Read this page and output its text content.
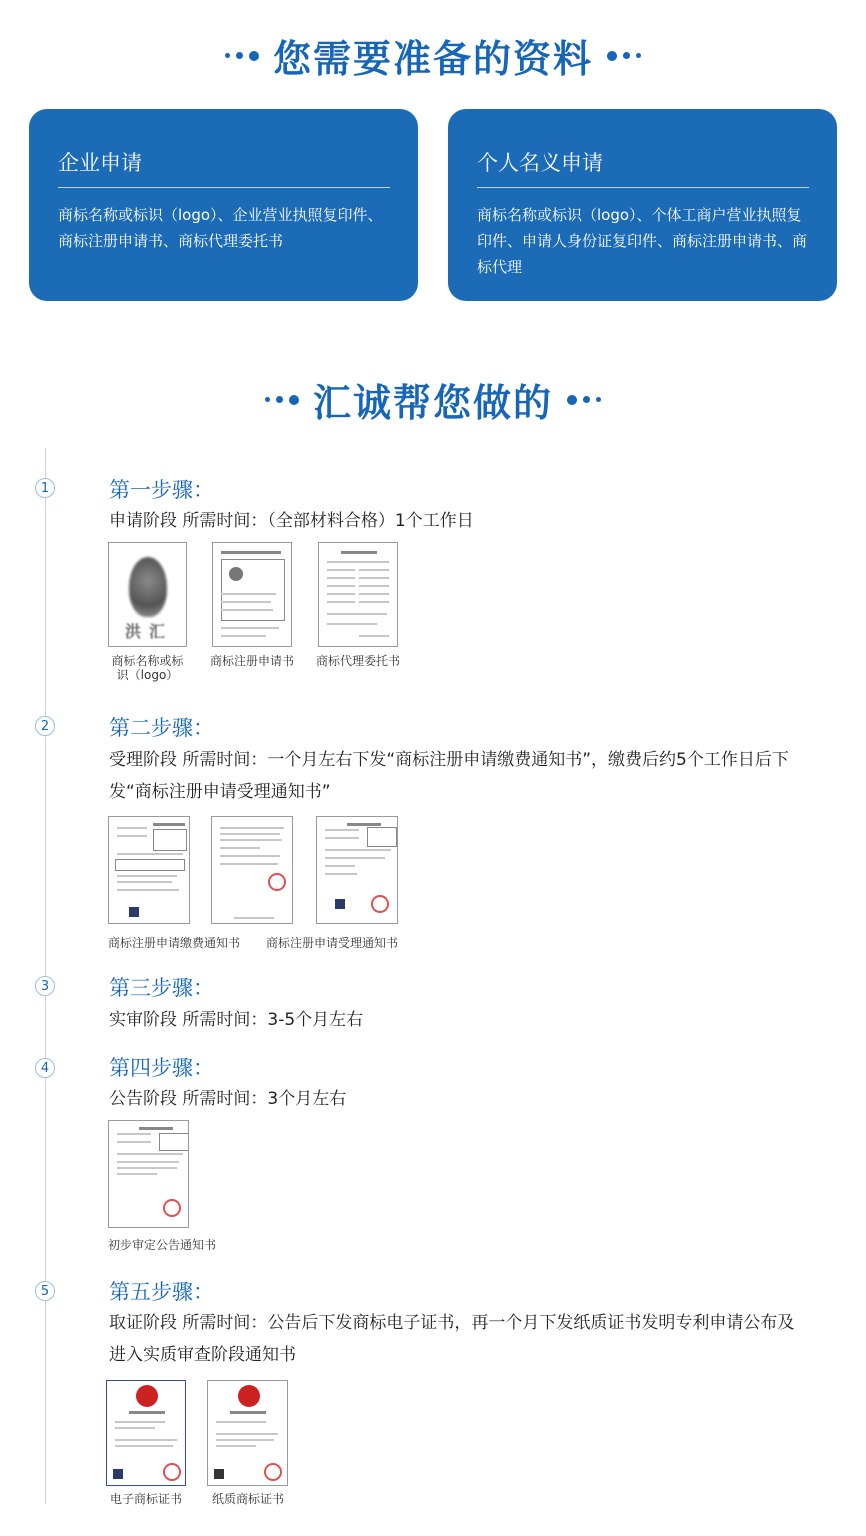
您需要准备的资料
企业申请

商标名称或标识（logo）、企业营业执照复印件、商标注册申请书、商标代理委托书

个人名义申请

商标名称或标识（logo）、个体工商户营业执照复印件、申请人身份证复印件、商标注册申请书、商标代理

汇诚帮您做的
1	第一步骤：
申请阶段 所需时间：（全部材料合格）1个工作日
洪汇
商标名称或标识（logo）
商标注册申请书	商标代理委托书
2	第二步骤：
受理阶段 所需时间：一个月左右下发“商标注册申请缴费通知书”，缴费后约5个工作日后下发“商标注册申请受理通知书”
商标注册申请缴费通知书	商标注册申请受理通知书
3	第三步骤：
实审阶段 所需时间：3-5个月左右
4	第四步骤：
公告阶段 所需时间：3个月左右
初步审定公告通知书
5	第五步骤：
取证阶段 所需时间：公告后下发商标电子证书，再一个月下发纸质证书发明专利申请公布及进入实质审查阶段通知书
电子商标证书	纸质商标证书
